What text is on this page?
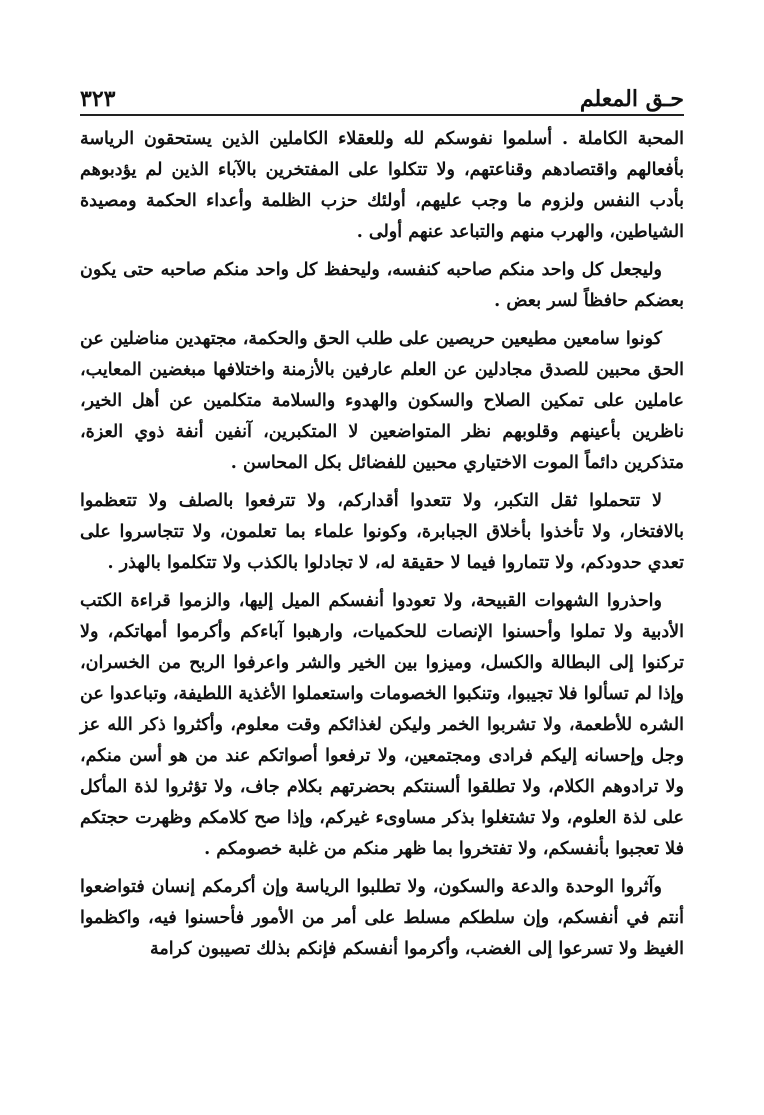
حـق المعلم
٣٢٣

المحبة الكاملة . أسلموا نفوسكم لله وللعقلاء الكاملين الذين يستحقون الرياسة بأفعالهم واقتصادهم وقناعتهم، ولا تتكلوا على المفتخرين بالآباء الذين لم يؤدبوهم بأدب النفس ولزوم ما وجب عليهم، أولئك حزب الظلمة وأعداء الحكمة ومصيدة الشياطين، والهرب منهم والتباعد عنهم أولى .

وليجعل كل واحد منكم صاحبه كنفسه، وليحفظ كل واحد منكم صاحبه حتى يكون بعضكم حافظاً لسر بعض .

كونوا سامعين مطيعين حريصين على طلب الحق والحكمة، مجتهدين مناضلين عن الحق محبين للصدق مجادلين عن العلم عارفين بالأزمنة واختلافها مبغضين المعايب، عاملين على تمكين الصلاح والسكون والهدوء والسلامة متكلمين عن أهل الخير، ناظرين بأعينهم وقلوبهم نظر المتواضعين لا المتكبرين، آنفين أنفة ذوي العزة، متذكرين دائماً الموت الاختياري محبين للفضائل بكل المحاسن .

لا تتحملوا ثقل التكبر، ولا تتعدوا أقداركم، ولا تترفعوا بالصلف ولا تتعظموا بالافتخار، ولا تأخذوا بأخلاق الجبابرة، وكونوا علماء بما تعلمون، ولا تتجاسروا على تعدي حدودكم، ولا تتماروا فيما لا حقيقة له، لا تجادلوا بالكذب ولا تتكلموا بالهذر .

واحذروا الشهوات القبيحة، ولا تعودوا أنفسكم الميل إليها، والزموا قراءة الكتب الأدبية ولا تملوا وأحسنوا الإنصات للحكميات، وارهبوا آباءكم وأكرموا أمهاتكم، ولا تركنوا إلى البطالة والكسل، وميزوا بين الخير والشر واعرفوا الربح من الخسران، وإذا لم تسألوا فلا تجيبوا، وتنكبوا الخصومات واستعملوا الأغذية اللطيفة، وتباعدوا عن الشره للأطعمة، ولا تشربوا الخمر وليكن لغذائكم وقت معلوم، وأكثروا ذكر الله عز وجل وإحسانه إليكم فرادى ومجتمعين، ولا ترفعوا أصواتكم عند من هو أسن منكم، ولا ترادوهم الكلام، ولا تطلقوا ألسنتكم بحضرتهم بكلام جاف، ولا تؤثروا لذة المأكل على لذة العلوم، ولا تشتغلوا بذكر مساوىء غيركم، وإذا صح كلامكم وظهرت حجتكم فلا تعجبوا بأنفسكم، ولا تفتخروا بما ظهر منكم من غلبة خصومكم .

وآثروا الوحدة والدعة والسكون، ولا تطلبوا الرياسة وإن أكرمكم إنسان فتواضعوا أنتم في أنفسكم، وإن سلطكم مسلط على أمر من الأمور فأحسنوا فيه، واكظموا الغيظ ولا تسرعوا إلى الغضب، وأكرموا أنفسكم فإنكم بذلك تصيبون كرامة
